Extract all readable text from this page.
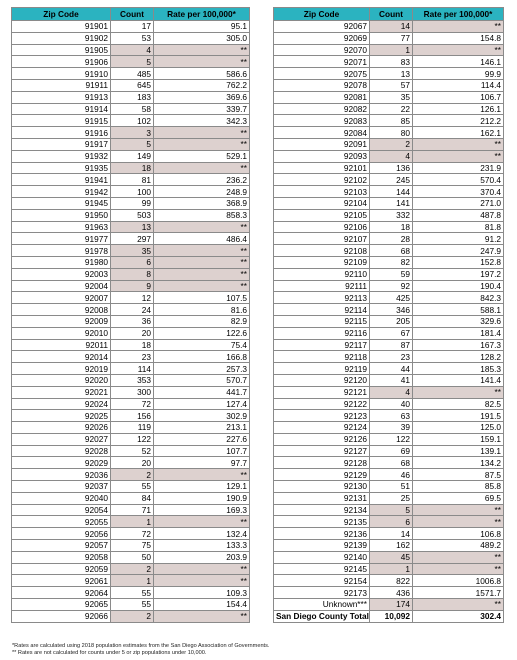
Zip Code	Count	Rate per 100,000*
91901	17	95.1
91902	53	305.0
91905	4	**
91906	5	**
91910	485	586.6
91911	645	762.2
91913	183	369.6
91914	58	339.7
91915	102	342.3
91916	3	**
91917	5	**
91932	149	529.1
91935	18	**
91941	81	236.2
91942	100	248.9
91945	99	368.9
91950	503	858.3
91963	13	**
91977	297	486.4
91978	35	**
91980	6	**
92003	8	**
92004	9	**
92007	12	107.5
92008	24	81.6
92009	36	82.9
92010	20	122.6
92011	18	75.4
92014	23	166.8
92019	114	257.3
92020	353	570.7
92021	300	441.7
92024	72	127.4
92025	156	302.9
92026	119	213.1
92027	122	227.6
92028	52	107.7
92029	20	97.7
92036	2	**
92037	55	129.1
92040	84	190.9
92054	71	169.3
92055	1	**
92056	72	132.4
92057	75	133.3
92058	50	203.9
92059	2	**
92061	1	**
92064	55	109.3
92065	55	154.4
92066	2	**
Zip Code	Count	Rate per 100,000*
92067	14	**
92069	77	154.8
92070	1	**
92071	83	146.1
92075	13	99.9
92078	57	114.4
92081	35	106.7
92082	22	126.1
92083	85	212.2
92084	80	162.1
92091	2	**
92093	4	**
92101	136	231.9
92102	245	570.4
92103	144	370.4
92104	141	271.0
92105	332	487.8
92106	18	81.8
92107	28	91.2
92108	68	247.9
92109	82	152.8
92110	59	197.2
92111	92	190.4
92113	425	842.3
92114	346	588.1
92115	205	329.6
92116	67	181.4
92117	87	167.3
92118	23	128.2
92119	44	185.3
92120	41	141.4
92121	4	**
92122	40	82.5
92123	63	191.5
92124	39	125.0
92126	122	159.1
92127	69	139.1
92128	68	134.2
92129	46	87.5
92130	51	85.8
92131	25	69.5
92134	5	**
92135	6	**
92136	14	106.8
92139	162	489.2
92140	45	**
92145	1	**
92154	822	1006.8
92173	436	1571.7
Unknown***	174	**
San Diego County Total	10,092	302.4
*Rates are calculated using 2018 population estimates from the San Diego Association of Governments.
** Rates are not calculated for counts under 5 or zip populations under 10,000.
